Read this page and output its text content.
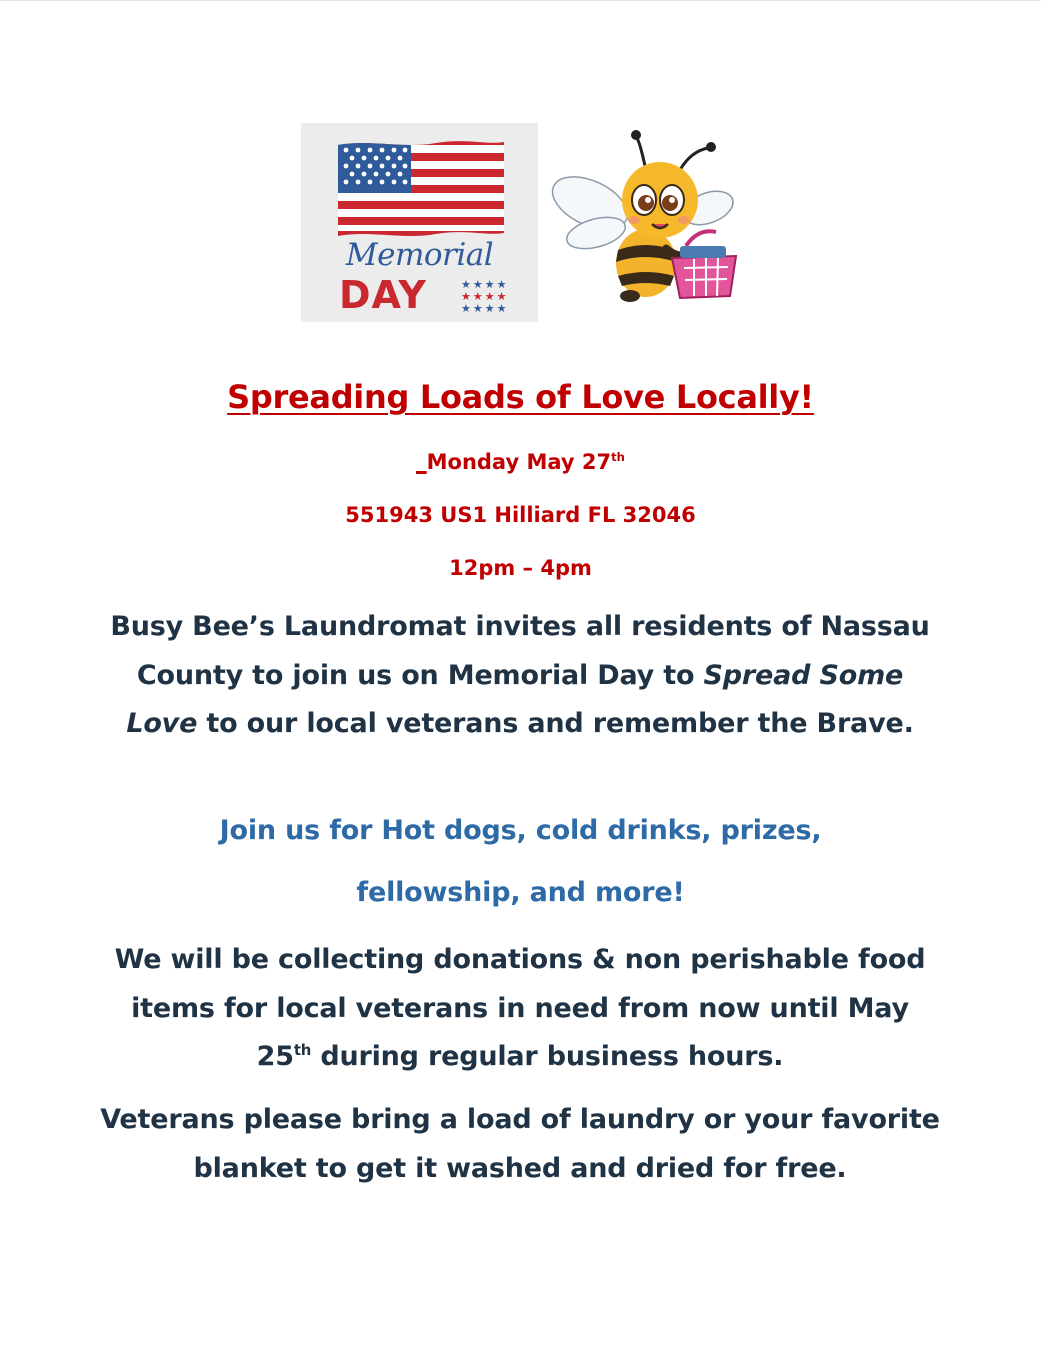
Memorial
DAY	★★★★
★★★★
★★★★
Spreading Loads of Love Locally!
_Monday May 27th
551943 US1 Hilliard FL 32046
12pm – 4pm
Busy Bee’s Laundromat invites all residents of Nassau County to join us on Memorial Day to Spread Some Love to our local veterans and remember the Brave.
Join us for Hot dogs, cold drinks, prizes,
fellowship, and more!
We will be collecting donations & non perishable food items for local veterans in need from now until May 25th during regular business hours.
Veterans please bring a load of laundry or your favorite blanket to get it washed and dried for free.
